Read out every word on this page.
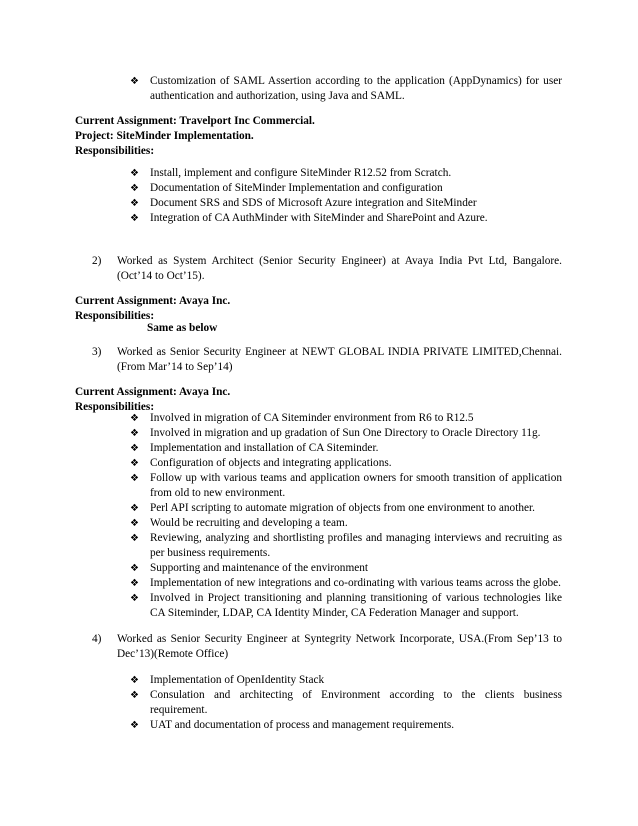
❖ Customization of SAML Assertion according to the application (AppDynamics) for user authentication and authorization, using Java and SAML.
Current Assignment: Travelport Inc Commercial.
Project: SiteMinder Implementation.
Responsibilities:
❖ Install, implement and configure SiteMinder R12.52 from Scratch.
❖ Documentation of SiteMinder Implementation and configuration
❖ Document SRS and SDS of Microsoft Azure integration and SiteMinder
❖ Integration of CA AuthMinder with SiteMinder and SharePoint and Azure.
2) Worked as System Architect (Senior Security Engineer) at Avaya India Pvt Ltd, Bangalore. (Oct’14 to Oct’15).
Current Assignment: Avaya Inc.
Responsibilities:
Same as below
3) Worked as Senior Security Engineer at NEWT GLOBAL INDIA PRIVATE LIMITED,Chennai. (From Mar’14 to Sep’14)
Current Assignment: Avaya Inc.
Responsibilities:
❖ Involved in migration of CA Siteminder environment from R6 to R12.5
❖ Involved in migration and up gradation of Sun One Directory to Oracle Directory 11g.
❖ Implementation and installation of CA Siteminder.
❖ Configuration of objects and integrating applications.
❖ Follow up with various teams and application owners for smooth transition of application from old to new environment.
❖ Perl API scripting to automate migration of objects from one environment to another.
❖ Would be recruiting and developing a team.
❖ Reviewing, analyzing and shortlisting profiles and managing interviews and recruiting as per business requirements.
❖ Supporting and maintenance of the environment
❖ Implementation of new integrations and co-ordinating with various teams across the globe.
❖ Involved in Project transitioning and planning transitioning of various technologies like CA Siteminder, LDAP, CA Identity Minder, CA Federation Manager and support.
4) Worked as Senior Security Engineer at Syntegrity Network Incorporate, USA.(From Sep’13 to Dec’13)(Remote Office)
❖ Implementation of OpenIdentity Stack
❖ Consulation and architecting of Environment according to the clients business requirement.
❖ UAT and documentation of process and management requirements.
